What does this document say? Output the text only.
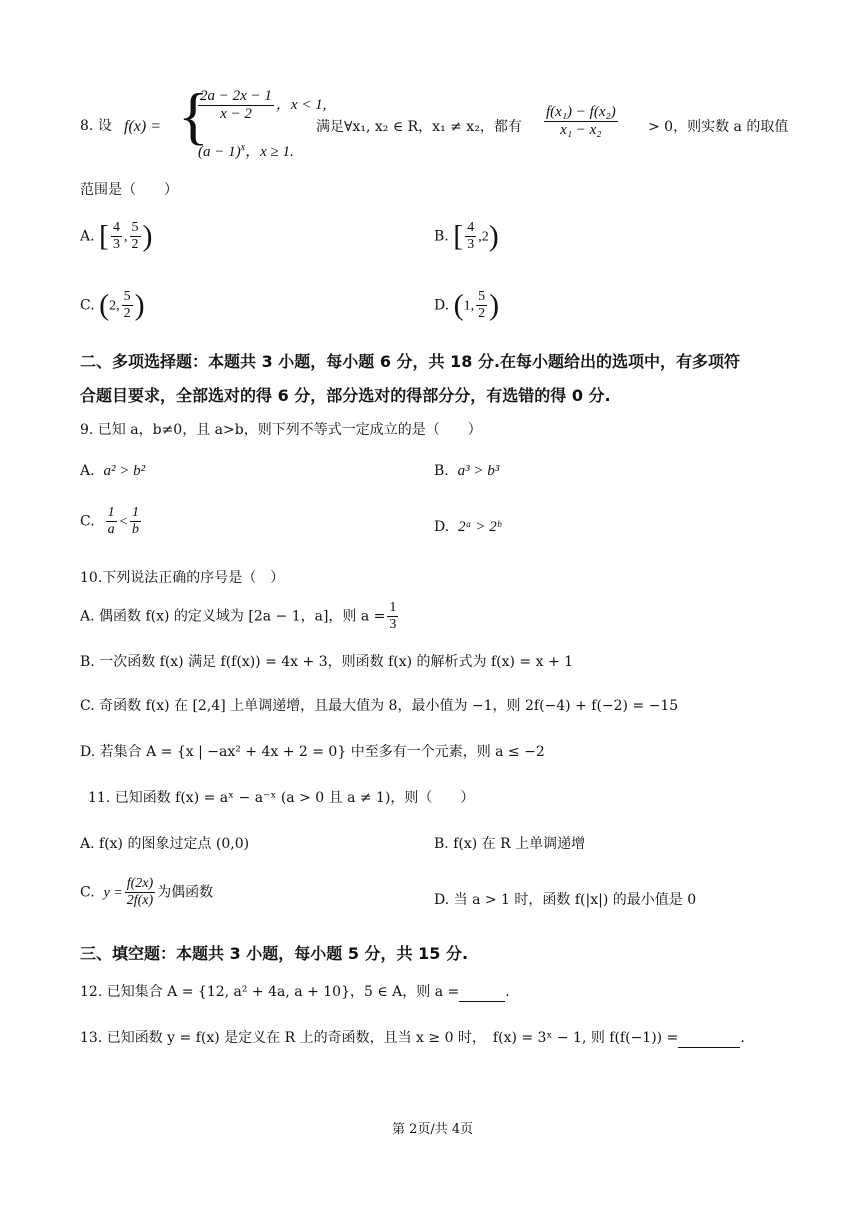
8. 设 f(x) = {
$\frac{2a - 2x - 1}{x - 2}$ ，x < 1,
$(a - 1)^x$，x ≥ 1.
满足∀x₁, x₂ ∈ R，x₁ ≠ x₂，都有 $\frac{\text{f(x₁) − f(x₂)}}{\text{x₁ − x₂}} > 0$，则实数 a 的取值
范围是（　　）
A. [ $\frac{4}{3}$ , $\frac{5}{2}$ )	B. [ $\frac{4}{3} ,2$)
C. (2, $\frac{5}{2}$ )	D. (1, $\frac{5}{2}$ )
二、多项选择题：本题共 3 小题，每小题 6 分，共 18 分.在每小题给出的选项中，有多项符
合题目要求，全部选对的得 6 分，部分选对的得部分分，有选错的得 0 分.
9. 已知 a，b≠0，且 a>b，则下列不等式一定成立的是（　　）
A. a² > b²	B. a³ > b³
C. $\frac{1}{a} < \frac{1}{b}$	D. 2ᵃ > 2ᵇ
10.下列说法正确的序号是（　）
A. 偶函数 f(x) 的定义域为 [2a − 1，a]，则 $a = \frac{1}{3}$
B. 一次函数 f(x) 满足 f(f(x)) = 4x + 3，则函数 f(x) 的解析式为 f(x) = x + 1
C. 奇函数 f(x) 在 [2,4] 上单调递增，且最大值为 8，最小值为 −1，则 2f(−4) + f(−2) = −15
D. 若集合 A = {x | −ax² + 4x + 2 = 0} 中至多有一个元素，则 a ≤ −2
11. 已知函数 f(x) = aˣ − a⁻ˣ (a > 0 且 a ≠ 1)，则（　　）
A. f(x) 的图象过定点 (0,0)	B. f(x) 在 R 上单调递增
C. $y = \frac{f(2x)}{2f(x)}$ 为偶函数	D. 当 a > 1 时，函数 f(|x|) 的最小值是 0
三、填空题：本题共 3 小题，每小题 5 分，共 15 分.
12. 已知集合 A = {12, a² + 4a, a + 10}，5 ∈ A，则 a =	.
13. 已知函数 y = f(x) 是定义在 R 上的奇函数，且当 x ≥ 0 时，　f(x) = 3ˣ − 1, 则 f(f(−1)) =	.
第 2页/共 4页
